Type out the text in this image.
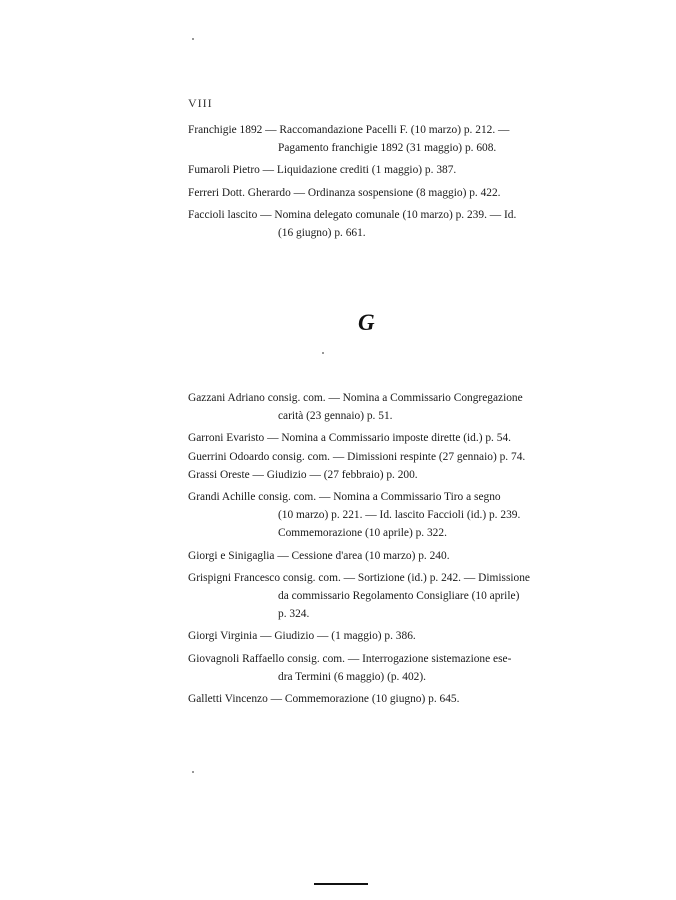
VIII

Franchigie 1892 — Raccomandazione Pacelli F. (10 marzo) p. 212. —
Pagamento franchigie 1892 (31 maggio) p. 608.

Fumaroli Pietro — Liquidazione crediti (1 maggio) p. 387.

Ferreri Dott. Gherardo — Ordinanza sospensione (8 maggio) p. 422.

Faccioli lascito — Nomina delegato comunale (10 marzo) p. 239. — Id.
(16 giugno) p. 661.

G

Gazzani Adriano consig. com. — Nomina a Commissario Congregazione
carità (23 gennaio) p. 51.

Garroni Evaristo — Nomina a Commissario imposte dirette (id.) p. 54.

Guerrini Odoardo consig. com. — Dimissioni respinte (27 gennaio) p. 74.

Grassi Oreste — Giudizio — (27 febbraio) p. 200.

Grandi Achille consig. com. — Nomina a Commissario Tiro a segno
(10 marzo) p. 221. — Id. lascito Faccioli (id.) p. 239.
Commemorazione (10 aprile) p. 322.

Giorgi e Sinigaglia — Cessione d'area (10 marzo) p. 240.

Grispigni Francesco consig. com. — Sortizione (id.) p. 242. — Dimissione
da commissario Regolamento Consigliare (10 aprile)
p. 324.

Giorgi Virginia — Giudizio — (1 maggio) p. 386.

Giovagnoli Raffaello consig. com. — Interrogazione sistemazione ese-
dra Termini (6 maggio) (p. 402).

Galletti Vincenzo — Commemorazione (10 giugno) p. 645.
